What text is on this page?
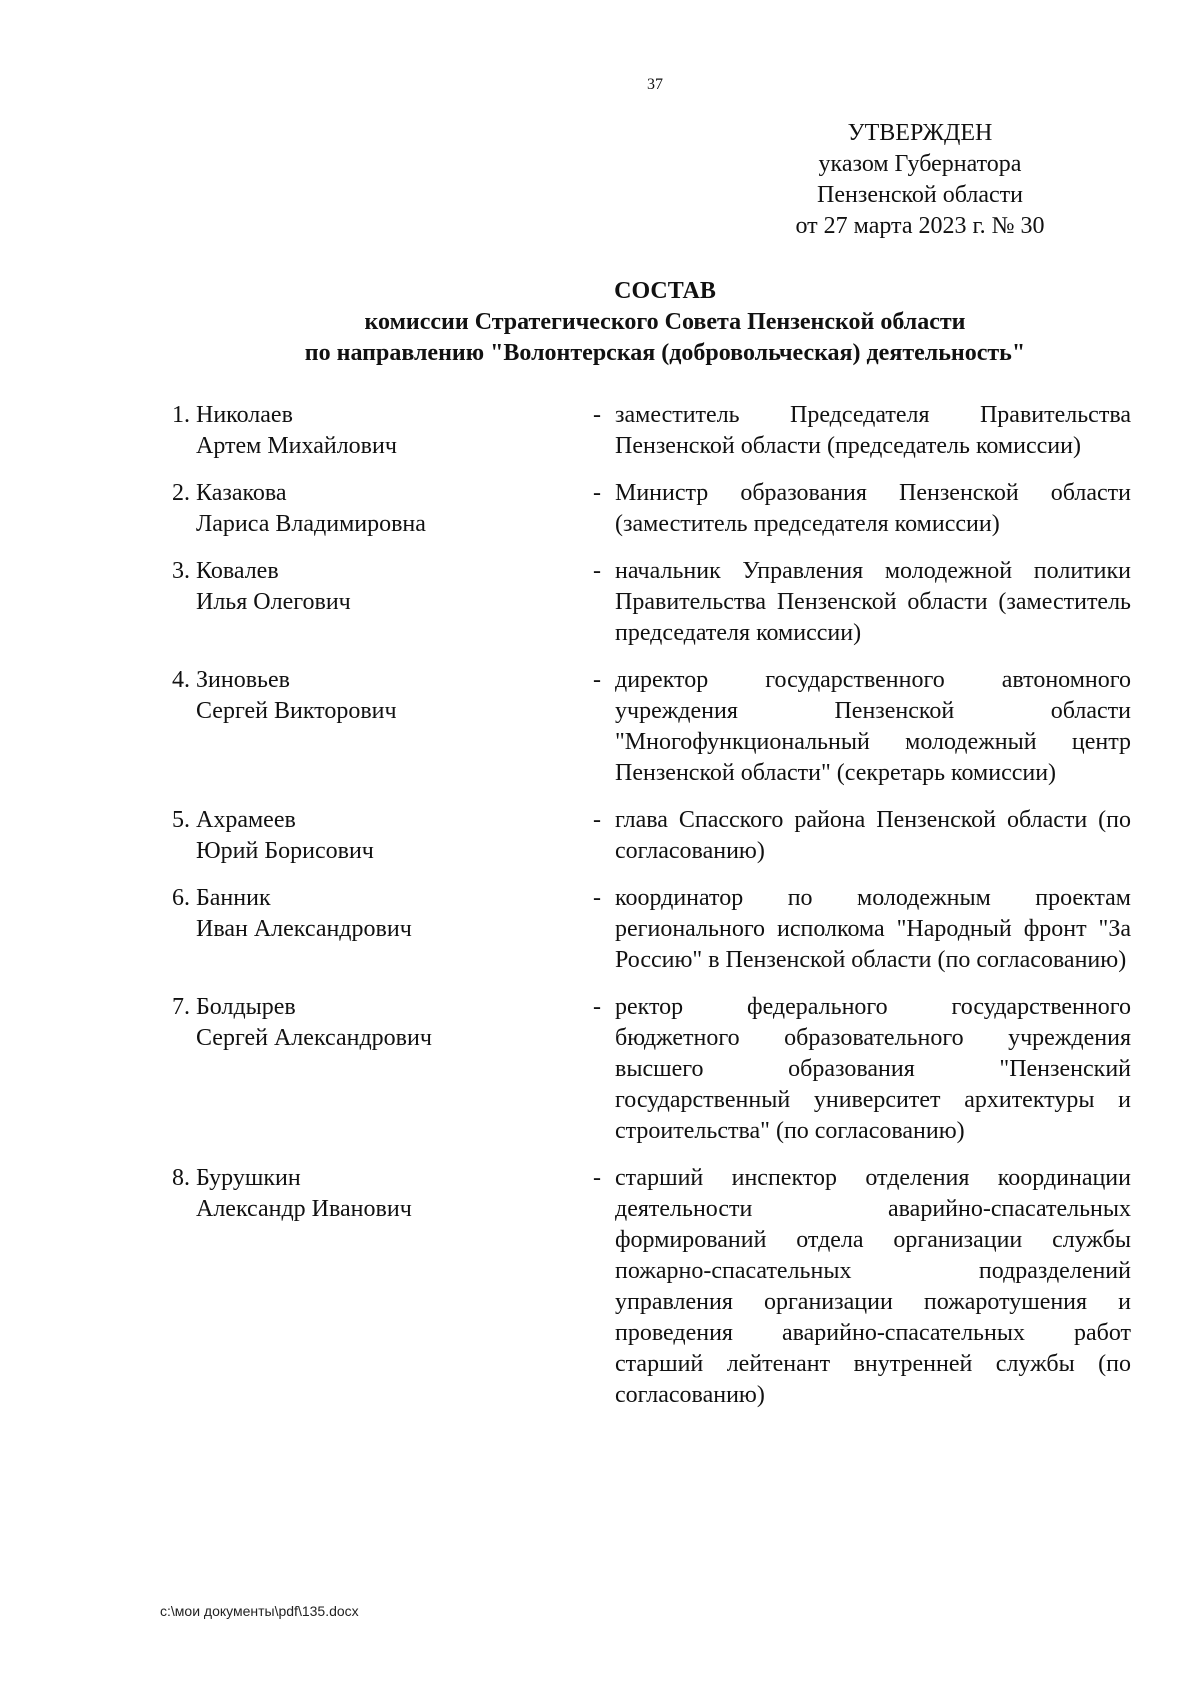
37
УТВЕРЖДЕН
указом Губернатора
Пензенской области
от 27 марта 2023 г. № 30
СОСТАВ
комиссии Стратегического Совета Пензенской области
по направлению "Волонтерская (добровольческая) деятельность"
1. Николаев
Артем Михайлович
- заместитель Председателя Правительства Пензенской области (председатель комиссии)
2. Казакова
Лариса Владимировна
- Министр образования Пензенской области (заместитель председателя комиссии)
3. Ковалев
Илья Олегович
- начальник Управления молодежной политики Правительства Пензенской области (заместитель председателя комиссии)
4. Зиновьев
Сергей Викторович
- директор государственного автономного учреждения Пензенской области "Многофункциональный молодежный центр Пензенской области" (секретарь комиссии)
5. Ахрамеев
Юрий Борисович
- глава Спасского района Пензенской области (по согласованию)
6. Банник
Иван Александрович
- координатор по молодежным проектам регионального исполкома "Народный фронт "За Россию" в Пензенской области (по согласованию)
7. Болдырев
Сергей Александрович
- ректор федерального государственного бюджетного образовательного учреждения высшего образования "Пензенский государственный университет архитектуры и строительства" (по согласованию)
8. Бурушкин
Александр Иванович
- старший инспектор отделения координации деятельности аварийно-спасательных формирований отдела организации службы пожарно-спасательных подразделений управления организации пожаротушения и проведения аварийно-спасательных работ старший лейтенант внутренней службы (по согласованию)
c:\мои документы\pdf\135.docx
